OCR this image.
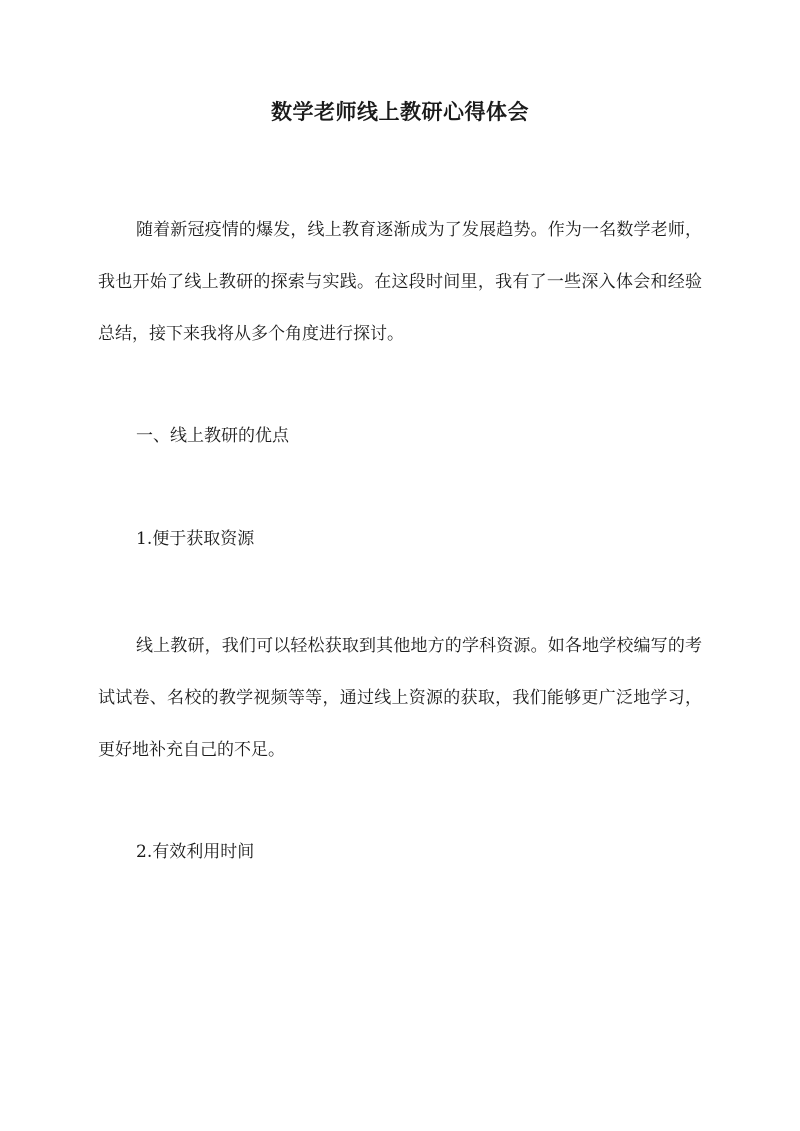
数学老师线上教研心得体会

随着新冠疫情的爆发，线上教育逐渐成为了发展趋势。作为一名数学老师，我也开始了线上教研的探索与实践。在这段时间里，我有了一些深入体会和经验总结，接下来我将从多个角度进行探讨。

一、线上教研的优点

1.便于获取资源

线上教研，我们可以轻松获取到其他地方的学科资源。如各地学校编写的考试试卷、名校的教学视频等等，通过线上资源的获取，我们能够更广泛地学习，更好地补充自己的不足。

2.有效利用时间
